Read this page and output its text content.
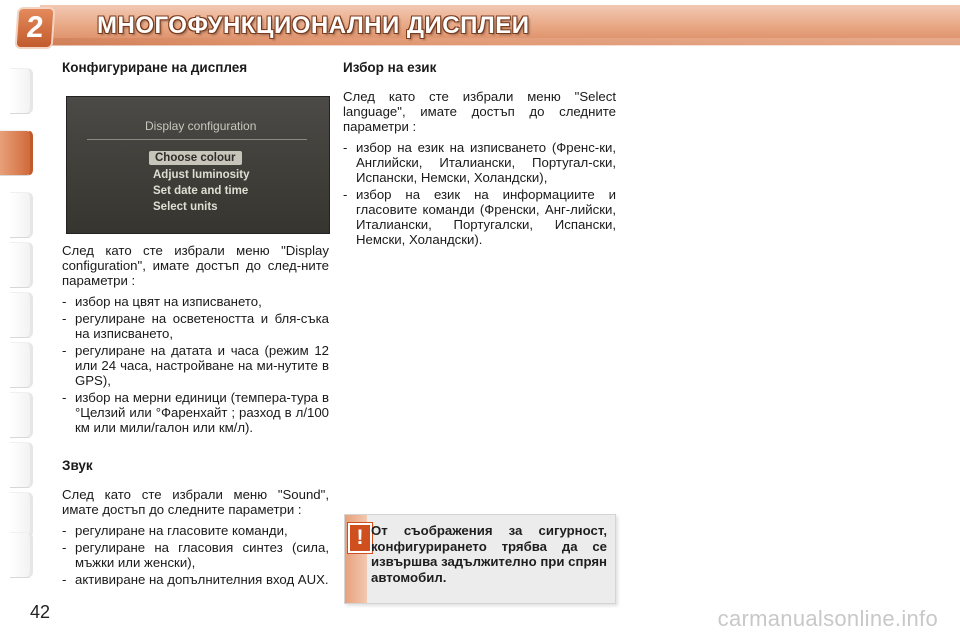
2	МНОГОФУНКЦИОНАЛНИ ДИСПЛЕИ
Конфигуриране на дисплея
Display configuration
Choose colour
Adjust luminosity
Set date and time
Select units

След като сте избрали меню "Display configuration", имате достъп до след-ните параметри :

- избор на цвят на изписването,
- регулиране на осветеността и бля-съка на изписването,
- регулиране на датата и часа (режим 12 или 24 часа, настройване на ми-нутите в GPS),
- избор на мерни единици (темпера-тура в °Целзий или °Фаренхайт ; разход в л/100 км или мили/галон или км/л).
Звук

След като сте избрали меню "Sound", имате достъп до следните параметри :

- регулиране на гласовите команди,
- регулиране на гласовия синтез (сила, мъжки или женски),
- активиране на допълнителния вход AUX.
Избор на език

След като сте избрали меню "Select language", имате достъп до следните параметри :

- избор на език на изписването (Френс-ки, Английски, Италиански, Португал-ски, Испански, Немски, Холандски),
- избор на език на информациите и гласовите команди (Френски, Анг-лийски, Италиански, Португалски, Испански, Немски, Холандски).
! От съображения за сигурност, конфигурирането трябва да се извършва задължително при спрян автомобил.
42	carmanualsonline.info
